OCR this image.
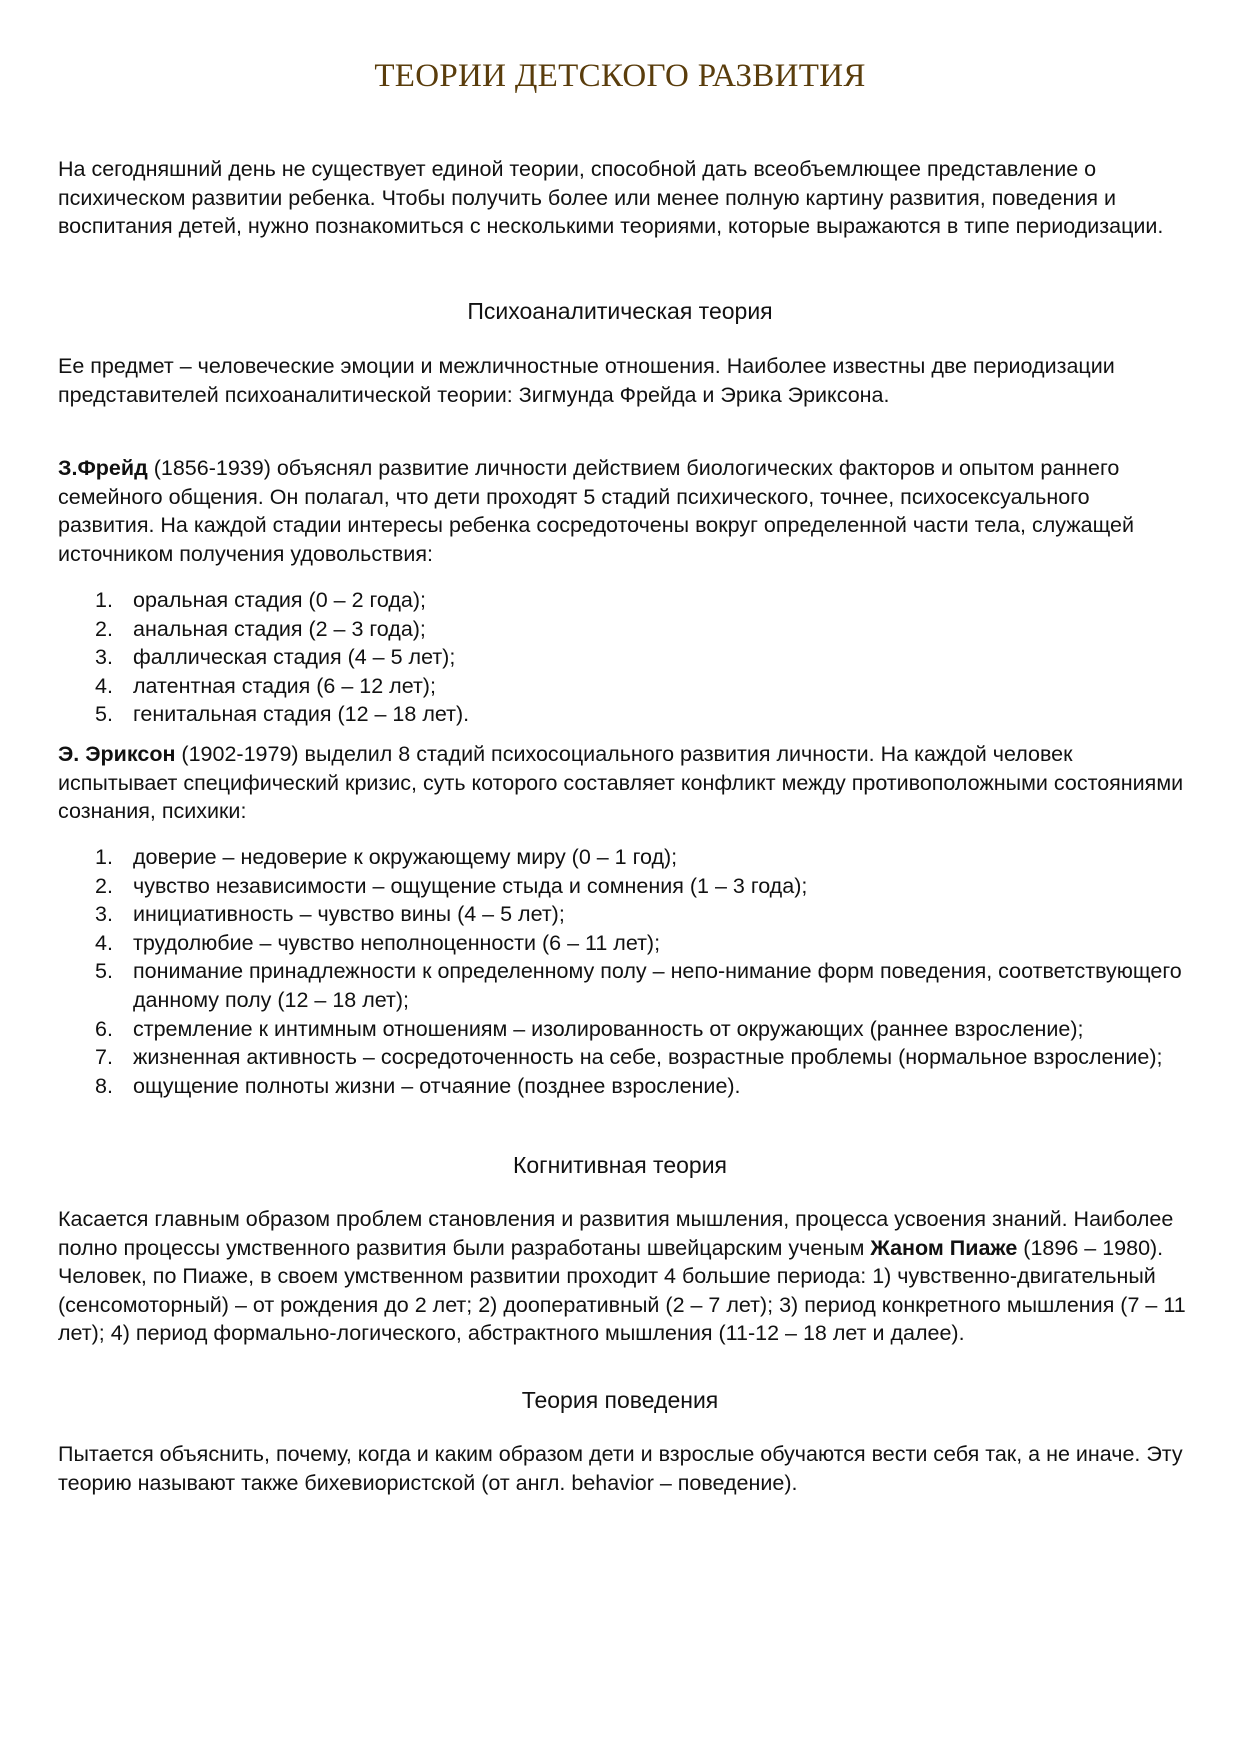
ТЕОРИИ ДЕТСКОГО РАЗВИТИЯ

На сегодняшний день не существует единой теории, способной дать всеобъемлющее представление о психическом развитии ребенка. Чтобы получить более или менее полную картину развития, поведения и воспитания детей, нужно познакомиться с несколькими теориями, которые выражаются в типе периодизации.

Психоаналитическая теория

Ее предмет – человеческие эмоции и межличностные отношения. Наиболее известны две периодизации представителей психоаналитической теории: Зигмунда Фрейда и Эрика Эриксона.

З.Фрейд (1856-1939) объяснял развитие личности действием биологических факторов и опытом раннего семейного общения. Он полагал, что дети проходят 5 стадий психического, точнее, психосексуального развития. На каждой стадии интересы ребенка сосредоточены вокруг определенной части тела, служащей источником получения удовольствия:

1. оральная стадия (0 – 2 года);
2. анальная стадия (2 – 3 года);
3. фаллическая стадия (4 – 5 лет);
4. латентная стадия (6 – 12 лет);
5. генитальная стадия (12 – 18 лет).

Э. Эриксон (1902-1979) выделил 8 стадий психосоциального развития личности. На каждой человек испытывает специфический кризис, суть которого составляет конфликт между противоположными состояниями сознания, психики:

1. доверие – недоверие к окружающему миру (0 – 1 год);
2. чувство независимости – ощущение стыда и сомнения (1 – 3 года);
3. инициативность – чувство вины (4 – 5 лет);
4. трудолюбие – чувство неполноценности (6 – 11 лет);
5. понимание принадлежности к определенному полу – непо-нимание форм поведения, соответствующего данному полу (12 – 18 лет);
6. стремление к интимным отношениям – изолированность от окружающих (раннее взросление);
7. жизненная активность – сосредоточенность на себе, возрастные проблемы (нормальное взросление);
8. ощущение полноты жизни – отчаяние (позднее взросление).
Когнитивная теория

Касается главным образом проблем становления и развития мышления, процесса усвоения знаний. Наиболее полно процессы умственного развития были разработаны швейцарским ученым Жаном Пиаже (1896 – 1980). Человек, по Пиаже, в своем умственном развитии проходит 4 большие периода: 1) чувственно-двигательный (сенсомоторный) – от рождения до 2 лет; 2) дооперативный (2 – 7 лет); 3) период конкретного мышления (7 – 11 лет); 4) период формально-логического, абстрактного мышления (11-12 – 18 лет и далее).

Теория поведения

Пытается объяснить, почему, когда и каким образом дети и взрослые обучаются вести себя так, а не иначе. Эту теорию называют также бихевиористской (от англ. behavior – поведение).
